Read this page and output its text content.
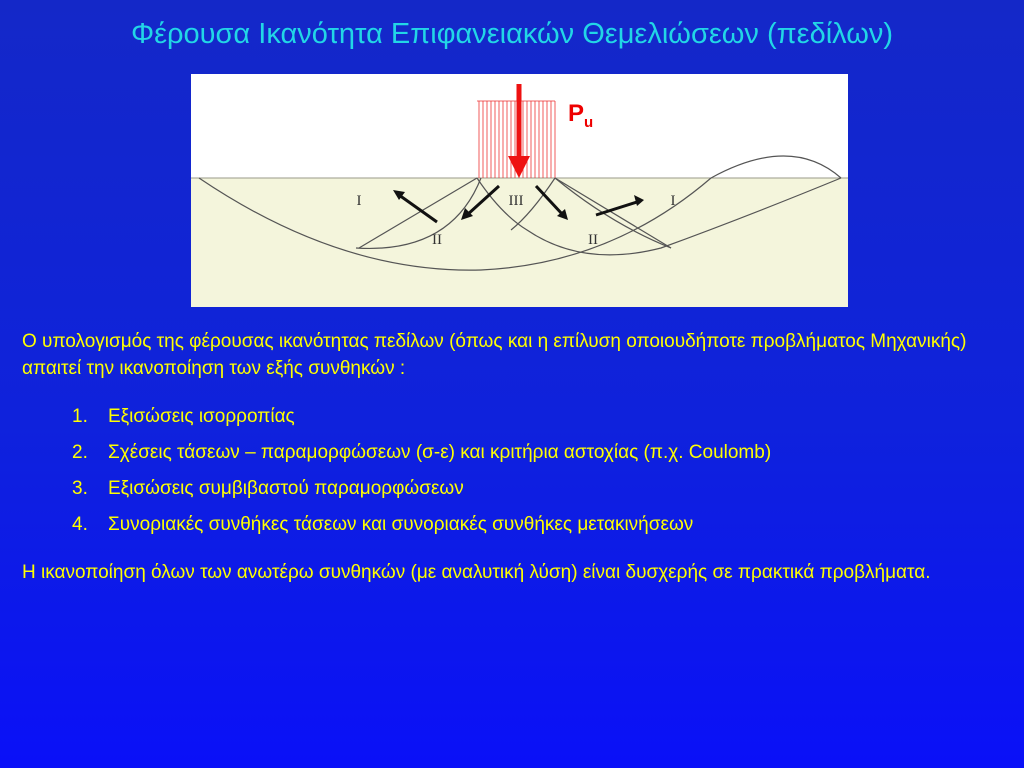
Φέρουσα Ικανότητα Επιφανειακών Θεμελιώσεων (πεδίλων)
I
II
III
II
I
$P_u$

Ο υπολογισμός της φέρουσας ικανότητας πεδίλων (όπως και η επίλυση οποιουδήποτε προβλήματος Μηχανικής) απαιτεί την ικανοποίηση των εξής συνθηκών :

1. Εξισώσεις ισορροπίας
2. Σχέσεις τάσεων – παραμορφώσεων (σ-ε) και κριτήρια αστοχίας (π.χ. Coulomb)
3. Εξισώσεις συμβιβαστού παραμορφώσεων
4. Συνοριακές συνθήκες τάσεων και συνοριακές συνθήκες μετακινήσεων

Η ικανοποίηση όλων των ανωτέρω συνθηκών (με αναλυτική λύση) είναι δυσχερής σε πρακτικά προβλήματα.
